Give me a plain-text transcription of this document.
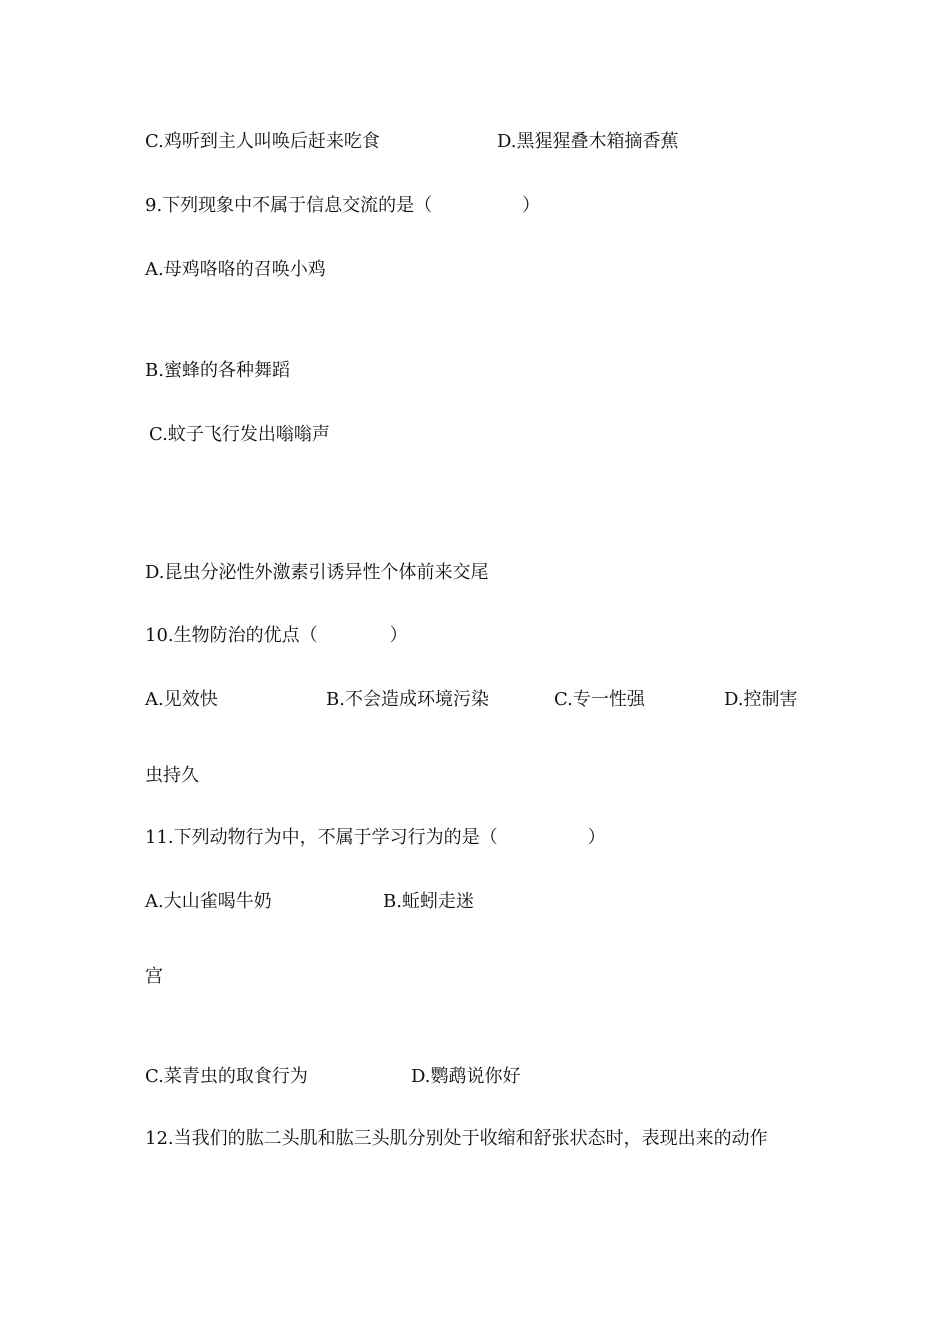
C.鸡听到主人叫唤后赶来吃食	D.黑猩猩叠木箱摘香蕉
9.下列现象中不属于信息交流的是（　　　　　）
A.母鸡咯咯的召唤小鸡
B.蜜蜂的各种舞蹈
C.蚊子飞行发出嗡嗡声
D.昆虫分泌性外激素引诱异性个体前来交尾
10.生物防治的优点（　　　　）
A.见效快	B.不会造成环境污染	C.专一性强	D.控制害
虫持久
11.下列动物行为中，不属于学习行为的是（　　　　　）
A.大山雀喝牛奶	B.蚯蚓走迷
宫
C.菜青虫的取食行为	D.鹦鹉说你好
12.当我们的肱二头肌和肱三头肌分别处于收缩和舒张状态时，表现出来的动作
